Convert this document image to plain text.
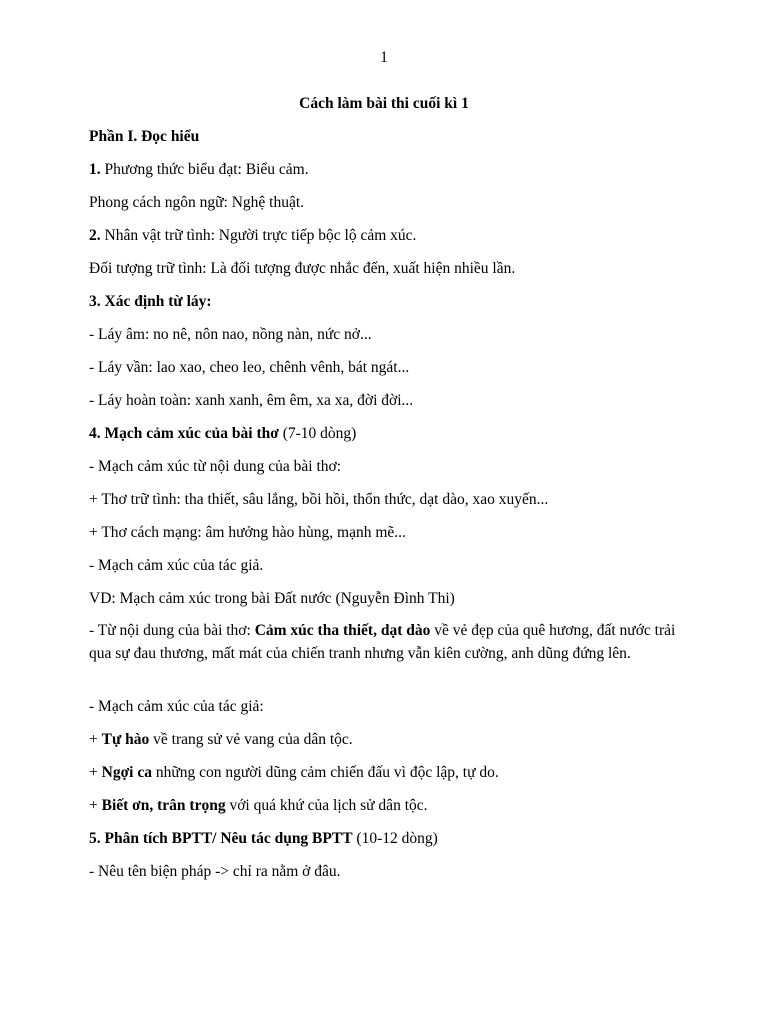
1
Cách làm bài thi cuối kì 1
Phần I. Đọc hiểu
1. Phương thức biểu đạt: Biểu cảm.
Phong cách ngôn ngữ: Nghệ thuật.
2. Nhân vật trữ tình: Người trực tiếp bộc lộ cảm xúc.
Đối tượng trữ tình: Là đối tượng được nhắc đến, xuất hiện nhiều lần.
3. Xác định từ láy:
- Láy âm: no nê, nôn nao, nồng nàn, nức nở...
- Láy vần: lao xao, cheo leo, chênh vênh, bát ngát...
- Láy hoàn toàn: xanh xanh, êm êm, xa xa, đời đời...
4. Mạch cảm xúc của bài thơ (7-10 dòng)
- Mạch cảm xúc từ nội dung của bài thơ:
+ Thơ trữ tình: tha thiết, sâu lắng, bồi hồi, thổn thức, dạt dào, xao xuyến...
+ Thơ cách mạng: âm hưởng hào hùng, mạnh mẽ...
- Mạch cảm xúc của tác giả.
VD: Mạch cảm xúc trong bài Đất nước (Nguyễn Đình Thi)
- Từ nội dung của bài thơ: Cảm xúc tha thiết, dạt dào về vẻ đẹp của quê hương, đất nước trải qua sự đau thương, mất mát của chiến tranh nhưng vẫn kiên cường, anh dũng đứng lên.
- Mạch cảm xúc của tác giả:
+ Tự hào về trang sử vẻ vang của dân tộc.
+ Ngợi ca những con người dũng cảm chiến đấu vì độc lập, tự do.
+ Biết ơn, trân trọng với quá khứ của lịch sử dân tộc.
5. Phân tích BPTT/ Nêu tác dụng BPTT (10-12 dòng)
- Nêu tên biện pháp -> chỉ ra nằm ở đâu.
